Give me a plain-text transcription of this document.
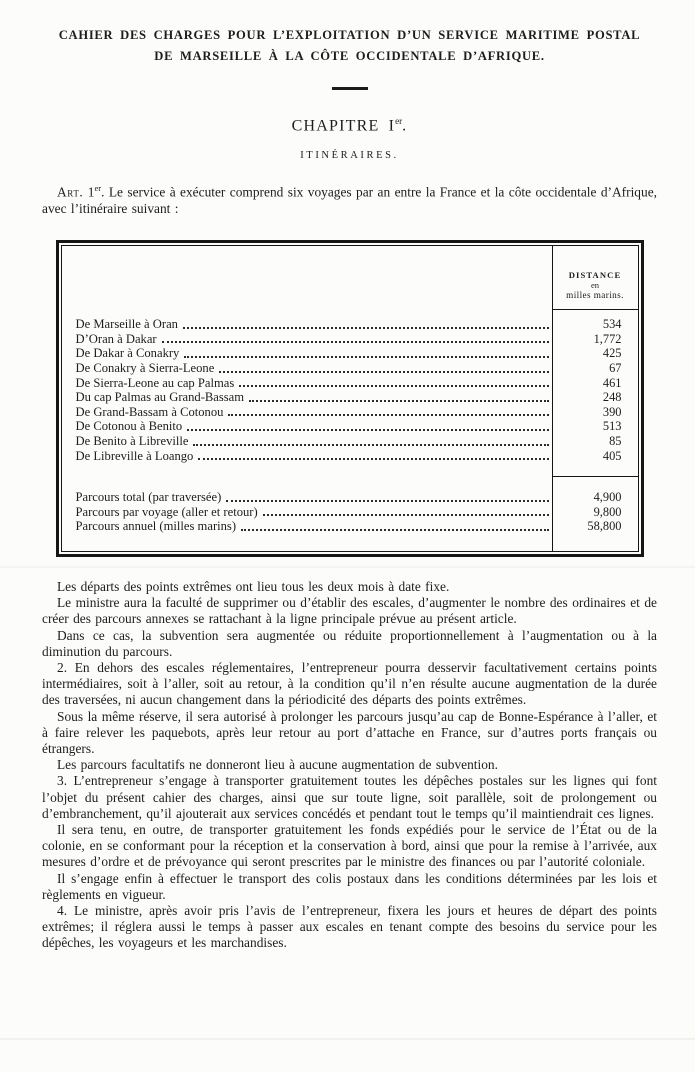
CAHIER DES CHARGES POUR L’EXPLOITATION D’UN SERVICE MARITIME POSTAL
DE MARSEILLE À LA CÔTE OCCIDENTALE D’AFRIQUE.
CHAPITRE Ier.
ITINÉRAIRES.

Art. 1er. Le service à exécuter comprend six voyages par an entre la France et la côte occidentale d’Afrique, avec l’itinéraire suivant :

DISTANCE
en
milles marins.
De Marseille à Oran	534
D’Oran à Dakar	1,772
De Dakar à Conakry	425
De Conakry à Sierra-Leone	67
De Sierra-Leone au cap Palmas	461
Du cap Palmas au Grand-Bassam	248
De Grand-Bassam à Cotonou	390
De Cotonou à Benito	513
De Benito à Libreville	85
De Libreville à Loango	405
Parcours total (par traversée)	4,900
Parcours par voyage (aller et retour)	9,800
Parcours annuel (milles marins)	58,800

Les départs des points extrêmes ont lieu tous les deux mois à date fixe.

Le ministre aura la faculté de supprimer ou d’établir des escales, d’augmenter le nombre des ordinaires et de créer des parcours annexes se rattachant à la ligne principale prévue au présent article.

Dans ce cas, la subvention sera augmentée ou réduite proportionnellement à l’augmentation ou à la diminution du parcours.

2. En dehors des escales réglementaires, l’entrepreneur pourra desservir facultativement certains points intermédiaires, soit à l’aller, soit au retour, à la condition qu’il n’en résulte aucune augmentation de la durée des traversées, ni aucun changement dans la périodicité des départs des points extrêmes.

Sous la même réserve, il sera autorisé à prolonger les parcours jusqu’au cap de Bonne-Espérance à l’aller, et à faire relever les paquebots, après leur retour au port d’attache en France, sur d’autres ports français ou étrangers.

Les parcours facultatifs ne donneront lieu à aucune augmentation de subvention.

3. L’entrepreneur s’engage à transporter gratuitement toutes les dépêches postales sur les lignes qui font l’objet du présent cahier des charges, ainsi que sur toute ligne, soit parallèle, soit de prolongement ou d’embranchement, qu’il ajouterait aux services concédés et pendant tout le temps qu’il maintiendrait ces lignes.

Il sera tenu, en outre, de transporter gratuitement les fonds expédiés pour le service de l’État ou de la colonie, en se conformant pour la réception et la conservation à bord, ainsi que pour la remise à l’arrivée, aux mesures d’ordre et de prévoyance qui seront prescrites par le ministre des finances ou par l’autorité coloniale.

Il s’engage enfin à effectuer le transport des colis postaux dans les conditions déterminées par les lois et règlements en vigueur.

4. Le ministre, après avoir pris l’avis de l’entrepreneur, fixera les jours et heures de départ des points extrêmes; il réglera aussi le temps à passer aux escales en tenant compte des besoins du service pour les dépêches, les voyageurs et les marchandises.
